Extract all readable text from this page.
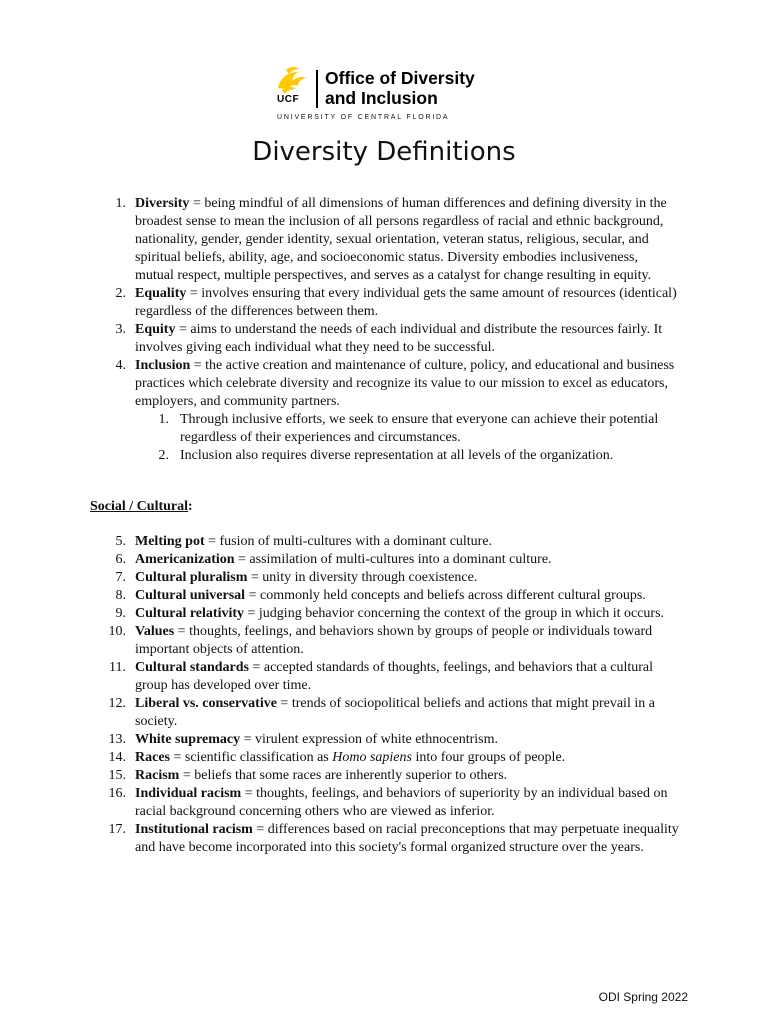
UCF
Office of Diversity
and Inclusion
UNIVERSITY OF CENTRAL FLORIDA
Diversity Definitions
1. Diversity = being mindful of all dimensions of human differences and defining diversity in the broadest sense to mean the inclusion of all persons regardless of racial and ethnic background, nationality, gender, gender identity, sexual orientation, veteran status, religious, secular, and spiritual beliefs, ability, age, and socioeconomic status. Diversity embodies inclusiveness, mutual respect, multiple perspectives, and serves as a catalyst for change resulting in equity.
2. Equality = involves ensuring that every individual gets the same amount of resources (identical) regardless of the differences between them.
3. Equity = aims to understand the needs of each individual and distribute the resources fairly. It involves giving each individual what they need to be successful.
4. Inclusion = the active creation and maintenance of culture, policy, and educational and business practices which celebrate diversity and recognize its value to our mission to excel as educators, employers, and community partners.
1. Through inclusive efforts, we seek to ensure that everyone can achieve their potential regardless of their experiences and circumstances.
2. Inclusion also requires diverse representation at all levels of the organization.
Social / Cultural:
5. Melting pot = fusion of multi-cultures with a dominant culture.
6. Americanization = assimilation of multi-cultures into a dominant culture.
7. Cultural pluralism = unity in diversity through coexistence.
8. Cultural universal = commonly held concepts and beliefs across different cultural groups.
9. Cultural relativity = judging behavior concerning the context of the group in which it occurs.
10. Values = thoughts, feelings, and behaviors shown by groups of people or individuals toward important objects of attention.
11. Cultural standards = accepted standards of thoughts, feelings, and behaviors that a cultural group has developed over time.
12. Liberal vs. conservative = trends of sociopolitical beliefs and actions that might prevail in a society.
13. White supremacy = virulent expression of white ethnocentrism.
14. Races = scientific classification as Homo sapiens into four groups of people.
15. Racism = beliefs that some races are inherently superior to others.
16. Individual racism = thoughts, feelings, and behaviors of superiority by an individual based on racial background concerning others who are viewed as inferior.
17. Institutional racism = differences based on racial preconceptions that may perpetuate inequality and have become incorporated into this society's formal organized structure over the years.
ODI Spring 2022
